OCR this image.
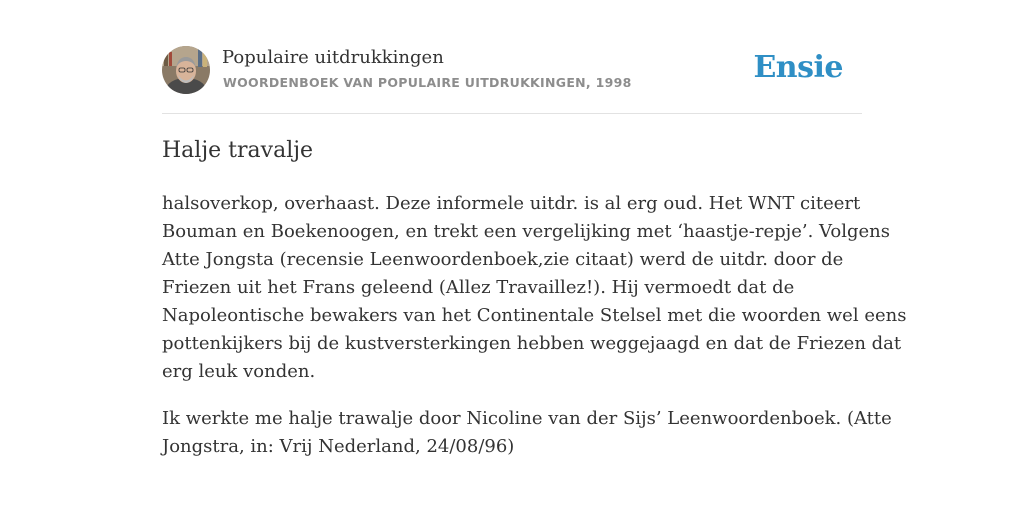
Populaire uitdrukkingen
WOORDENBOEK VAN POPULAIRE UITDRUKKINGEN, 1998	Ensie
Halje travalje

halsoverkop, overhaast. Deze informele uitdr. is al erg oud. Het WNT citeert
Bouman en Boekenoogen, en trekt een vergelijking met ‘haastje-repje’. Volgens
Atte Jongsta (recensie Leenwoordenboek,zie citaat) werd de uitdr. door de
Friezen uit het Frans geleend (Allez Travaillez!). Hij vermoedt dat de
Napoleontische bewakers van het Continentale Stelsel met die woorden wel eens
pottenkijkers bij de kustversterkingen hebben weggejaagd en dat de Friezen dat
erg leuk vonden.

Ik werkte me halje trawalje door Nicoline van der Sijs’ Leenwoordenboek. (Atte
Jongstra, in: Vrij Nederland, 24/08/96)
